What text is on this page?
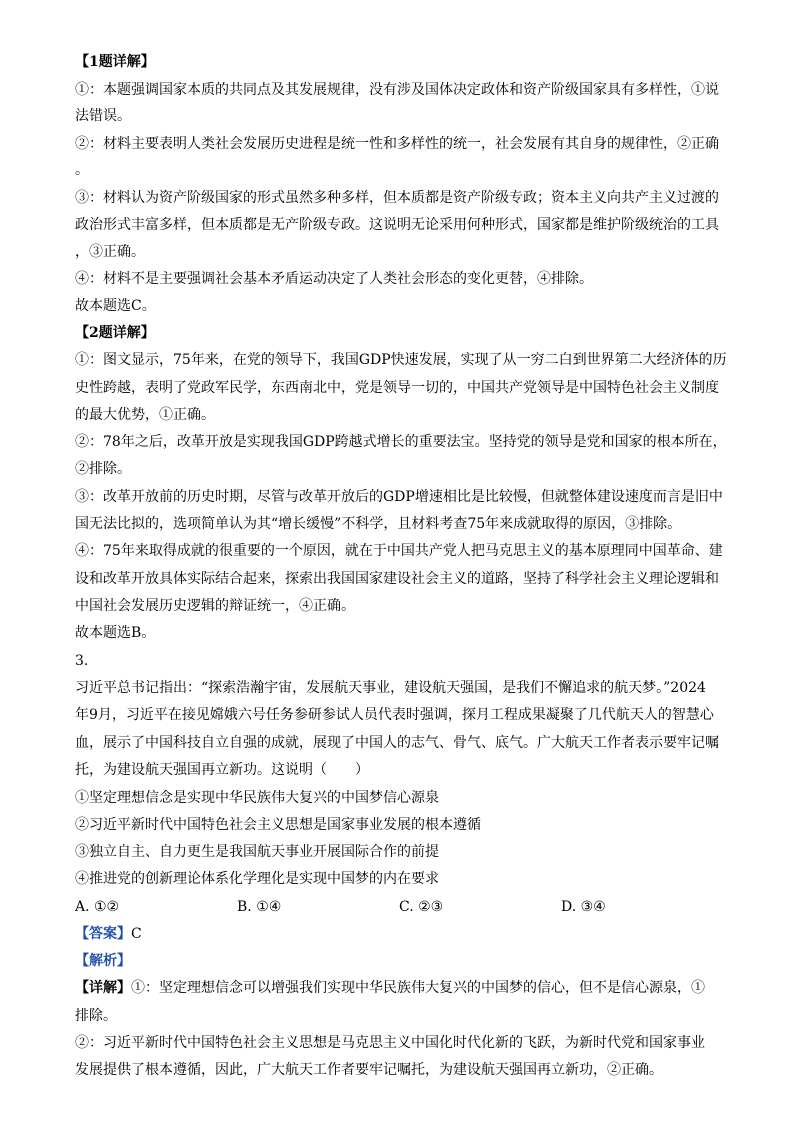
【1题详解】
①：本题强调国家本质的共同点及其发展规律，没有涉及国体决定政体和资产阶级国家具有多样性，①说
法错误。
②：材料主要表明人类社会发展历史进程是统一性和多样性的统一，社会发展有其自身的规律性，②正确
。
③：材料认为资产阶级国家的形式虽然多种多样，但本质都是资产阶级专政；资本主义向共产主义过渡的
政治形式丰富多样，但本质都是无产阶级专政。这说明无论采用何种形式，国家都是维护阶级统治的工具
，③正确。
④：材料不是主要强调社会基本矛盾运动决定了人类社会形态的变化更替，④排除。
故本题选C。
【2题详解】
①：图文显示，75年来，在党的领导下，我国GDP快速发展，实现了从一穷二白到世界第二大经济体的历
史性跨越，表明了党政军民学，东西南北中，党是领导一切的，中国共产党领导是中国特色社会主义制度
的最大优势，①正确。
②：78年之后，改革开放是实现我国GDP跨越式增长的重要法宝。坚持党的领导是党和国家的根本所在，
②排除。
③：改革开放前的历史时期，尽管与改革开放后的GDP增速相比是比较慢，但就整体建设速度而言是旧中
国无法比拟的，选项简单认为其“增长缓慢”不科学，且材料考查75年来成就取得的原因，③排除。
④：75年来取得成就的很重要的一个原因，就在于中国共产党人把马克思主义的基本原理同中国革命、建
设和改革开放具体实际结合起来，探索出我国国家建设社会主义的道路，坚持了科学社会主义理论逻辑和
中国社会发展历史逻辑的辩证统一，④正确。
故本题选B。
3.
习近平总书记指出：“探索浩瀚宇宙，发展航天事业，建设航天强国，是我们不懈追求的航天梦。”2024
年9月，习近平在接见嫦娥六号任务参研参试人员代表时强调，探月工程成果凝聚了几代航天人的智慧心
血，展示了中国科技自立自强的成就，展现了中国人的志气、骨气、底气。广大航天工作者表示要牢记嘱
托，为建设航天强国再立新功。这说明（　　）
①坚定理想信念是实现中华民族伟大复兴的中国梦信心源泉
②习近平新时代中国特色社会主义思想是国家事业发展的根本遵循
③独立自主、自力更生是我国航天事业开展国际合作的前提
④推进党的创新理论体系化学理化是实现中国梦的内在要求
A. ①②	B. ①④	C. ②③	D. ③④
【答案】C
【解析】
【详解】①：坚定理想信念可以增强我们实现中华民族伟大复兴的中国梦的信心，但不是信心源泉，①
排除。
②：习近平新时代中国特色社会主义思想是马克思主义中国化时代化新的飞跃，为新时代党和国家事业
发展提供了根本遵循，因此，广大航天工作者要牢记嘱托，为建设航天强国再立新功，②正确。
